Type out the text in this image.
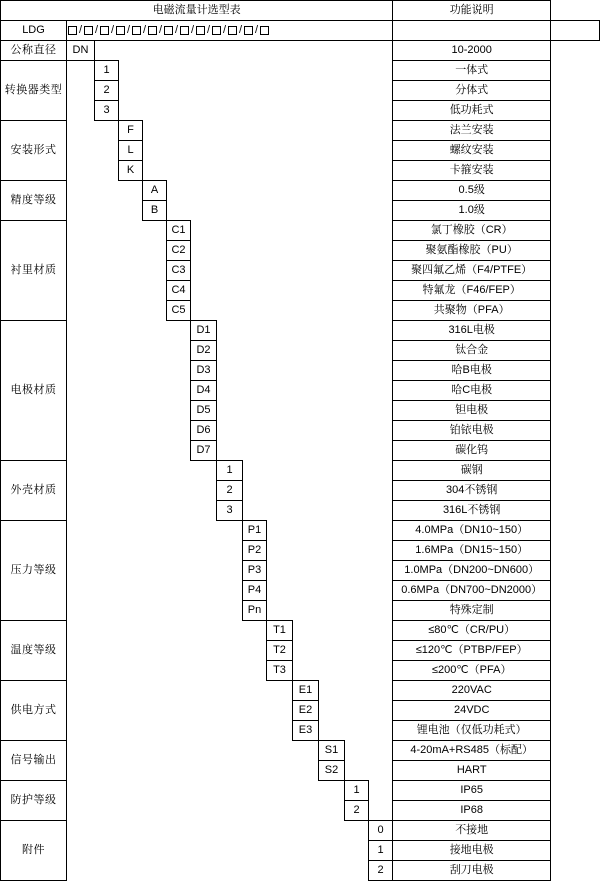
电磁流量计选型表														功能说明	
LDG	/ / / / / / / / / / / /

公称直径	DN													10-2000	
转换器类型		1												一体式	
		2												分体式	
		3												低功耗式	
安装形式			F											法兰安装	
			L											螺纹安装	
			K											卡箍安装	
精度等级				A										0.5级	
				B										1.0级	
衬里材质					C1									氯丁橡胶（CR）	
					C2									聚氨酯橡胶（PU）	
					C3									聚四氟乙烯（F4/PTFE）	
					C4									特氟龙（F46/FEP）	
					C5									共聚物（PFA）	
电极材质						D1								316L电极	
						D2								钛合金	
						D3								哈B电极	
						D4								哈C电极	
						D5								钽电极	
						D6								铂铱电极	
						D7								碳化钨	
外壳材质							1							碳钢	
							2							304不锈钢	
							3							316L不锈钢	
压力等级								P1						4.0MPa（DN10~150）	
								P2						1.6MPa（DN15~150）	
								P3						1.0MPa（DN200~DN600）	
								P4						0.6MPa（DN700~DN2000）	
								Pn						特殊定制	
温度等级									T1					≤80℃（CR/PU）	
									T2					≤120℃（PTBP/FEP）	
									T3					≤200℃（PFA）	
供电方式										E1				220VAC	
										E2				24VDC	
										E3				锂电池（仅低功耗式）	
信号输出											S1			4-20mA+RS485（标配）	
											S2			HART	
防护等级												1		IP65	
												2		IP68	
附件													0	不接地	
													1	接地电极	
													2	刮刀电极	
